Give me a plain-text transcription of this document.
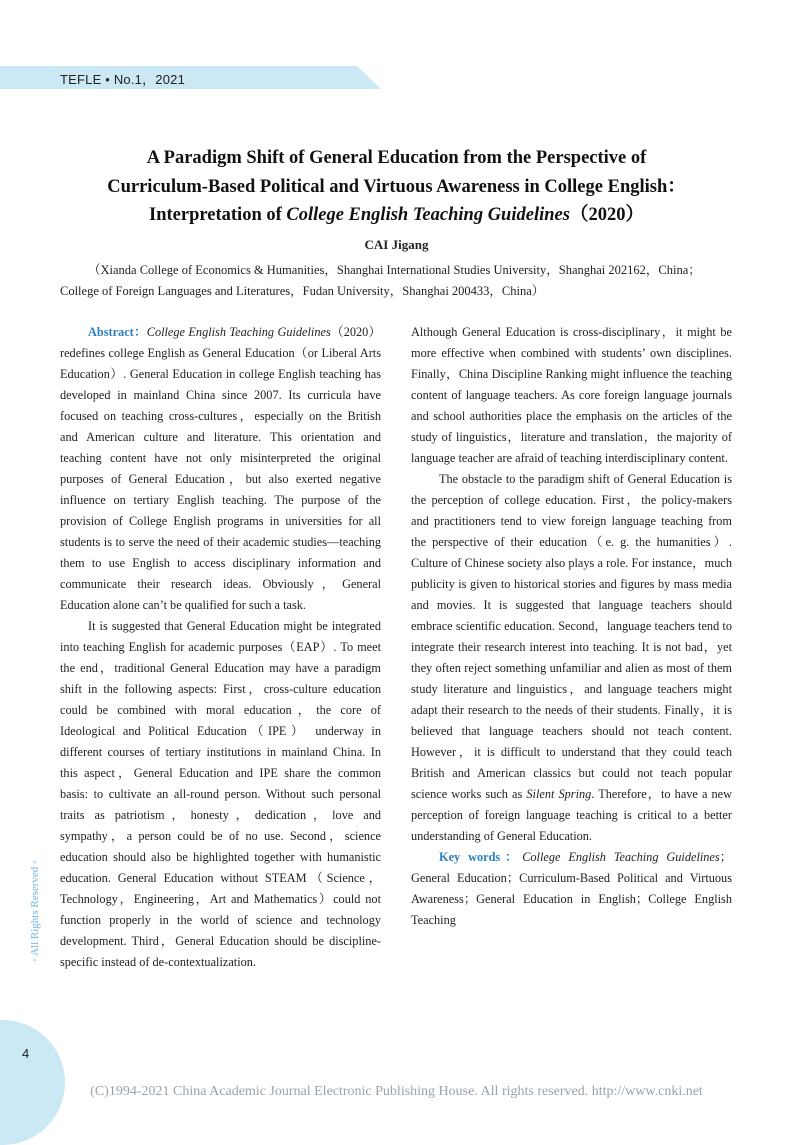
TEFLE • No.1，2021
A Paradigm Shift of General Education from the Perspective of
Curriculum-Based Political and Virtuous Awareness in College English：
Interpretation of College English Teaching Guidelines（2020）
CAI Jigang
（Xianda College of Economics & Humanities，Shanghai International Studies University，Shanghai 202162，China；
College of Foreign Languages and Literatures，Fudan University，Shanghai 200433，China）

Abstract：College English Teaching Guidelines（2020） redefines college English as General Education（or Liberal Arts Education）. General Education in college English teaching has developed in mainland China since 2007. Its curricula have focused on teaching cross-cultures，especially on the British and American culture and literature. This orientation and teaching content have not only misinterpreted the original purposes of General Education，but also exerted negative influence on tertiary English teaching. The purpose of the provision of College English programs in universities for all students is to serve the need of their academic studies—teaching them to use English to access disciplinary information and communicate their research ideas. Obviously，General Education alone can’t be qualified for such a task.

It is suggested that General Education might be integrated into teaching English for academic purposes（EAP）. To meet the end，traditional General Education may have a paradigm shift in the following aspects: First，cross-culture education could be combined with moral education，the core of Ideological and Political Education（IPE） underway in different courses of tertiary institutions in mainland China. In this aspect，General Education and IPE share the common basis: to cultivate an all-round person. Without such personal traits as patriotism，honesty，dedication，love and sympathy，a person could be of no use. Second，science education should also be highlighted together with humanistic education. General Education without STEAM（Science，Technology，Engineering，Art and Mathematics）could not function properly in the world of science and technology development. Third，General Education should be discipline-specific instead of de-contextualization.

Although General Education is cross-disciplinary，it might be more effective when combined with students’ own disciplines. Finally，China Discipline Ranking might influence the teaching content of language teachers. As core foreign language journals and school authorities place the emphasis on the articles of the study of linguistics，literature and translation，the majority of language teacher are afraid of teaching interdisciplinary content.

The obstacle to the paradigm shift of General Education is the perception of college education. First，the policy-makers and practitioners tend to view foreign language teaching from the perspective of their education（e. g. the humanities）. Culture of Chinese society also plays a role. For instance，much publicity is given to historical stories and figures by mass media and movies. It is suggested that language teachers should embrace scientific education. Second，language teachers tend to integrate their research interest into teaching. It is not bad，yet they often reject something unfamiliar and alien as most of them study literature and linguistics，and language teachers might adapt their research to the needs of their students. Finally，it is believed that language teachers should not teach content. However，it is difficult to understand that they could teach British and American classics but could not teach popular science works such as Silent Spring. Therefore，to have a new perception of foreign language teaching is critical to a better understanding of General Education.

Key words：College English Teaching Guidelines；General Education；Curriculum-Based Political and Virtuous Awareness；General Education in English；College English Teaching

◦ All Rights Reserved ◦
4
(C)1994-2021 China Academic Journal Electronic Publishing House. All rights reserved. http://www.cnki.net
